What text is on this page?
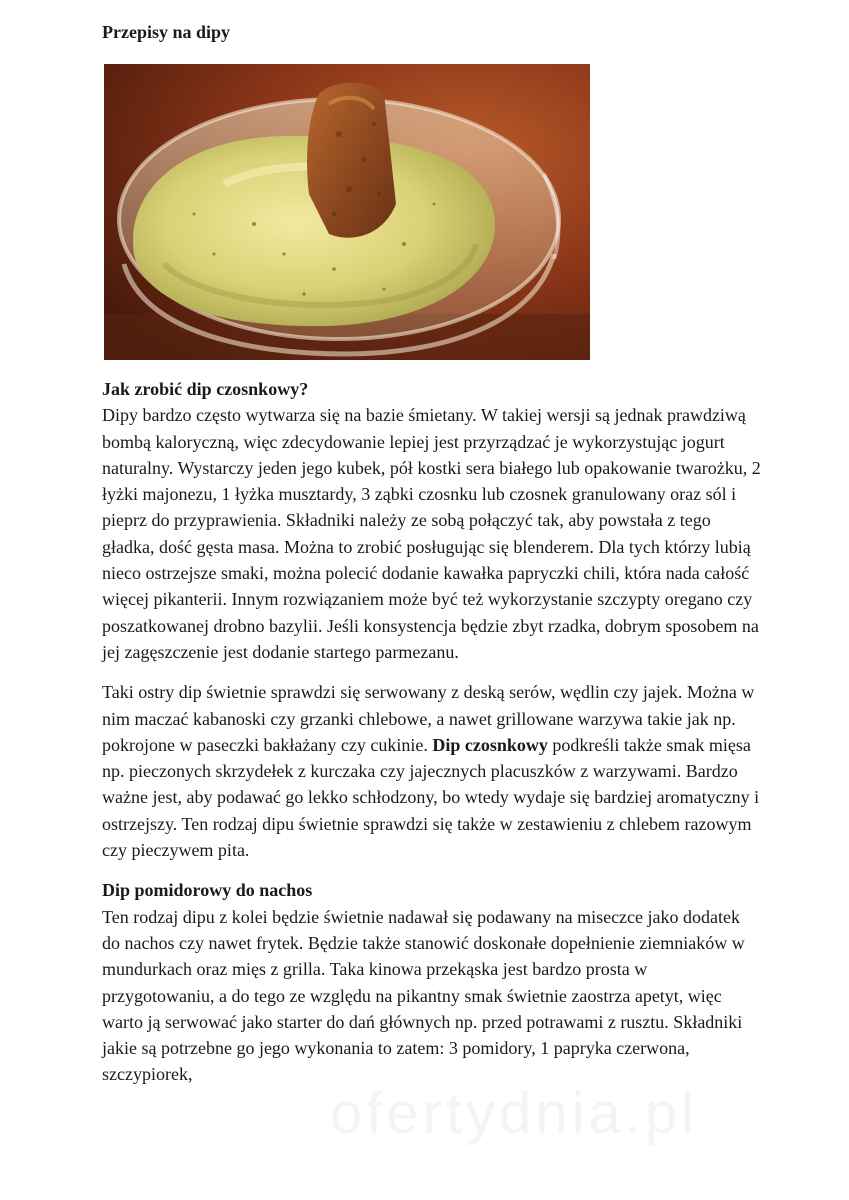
Przepisy na dipy
Jak zrobić dip czosnkowy?

Dipy bardzo często wytwarza się na bazie śmietany. W takiej wersji są jednak prawdziwą bombą kaloryczną, więc zdecydowanie lepiej jest przyrządzać je wykorzystując jogurt naturalny. Wystarczy jeden jego kubek, pół kostki sera białego lub opakowanie twarożku, 2 łyżki majonezu, 1 łyżka musztardy, 3 ząbki czosnku lub czosnek granulowany oraz sól i pieprz do przyprawienia. Składniki należy ze sobą połączyć tak, aby powstała z tego gładka, dość gęsta masa. Można to zrobić posługując się blenderem. Dla tych którzy lubią nieco ostrzejsze smaki, można polecić dodanie kawałka papryczki chili, która nada całość więcej pikanterii. Innym rozwiązaniem może być też wykorzystanie szczypty oregano czy poszatkowanej drobno bazylii. Jeśli konsystencja będzie zbyt rzadka, dobrym sposobem na jej zagęszczenie jest dodanie startego parmezanu.

Taki ostry dip świetnie sprawdzi się serwowany z deską serów, wędlin czy jajek. Można w nim maczać kabanoski czy grzanki chlebowe, a nawet grillowane warzywa takie jak np. pokrojone w paseczki bakłażany czy cukinie. Dip czosnkowy podkreśli także smak mięsa np. pieczonych skrzydełek z kurczaka czy jajecznych placuszków z warzywami. Bardzo ważne jest, aby podawać go lekko schłodzony, bo wtedy wydaje się bardziej aromatyczny i ostrzejszy. Ten rodzaj dipu świetnie sprawdzi się także w zestawieniu z chlebem razowym czy pieczywem pita.

Dip pomidorowy do nachos

Ten rodzaj dipu z kolei będzie świetnie nadawał się podawany na miseczce jako dodatek do nachos czy nawet frytek. Będzie także stanowić doskonałe dopełnienie ziemniaków w mundurkach oraz mięs z grilla. Taka kinowa przekąska jest bardzo prosta w przygotowaniu, a do tego ze względu na pikantny smak świetnie zaostrza apetyt, więc warto ją serwować jako starter do dań głównych np. przed potrawami z rusztu. Składniki jakie są potrzebne go jego wykonania to zatem: 3 pomidory, 1 papryka czerwona, szczypiorek,

ofertydnia.pl
